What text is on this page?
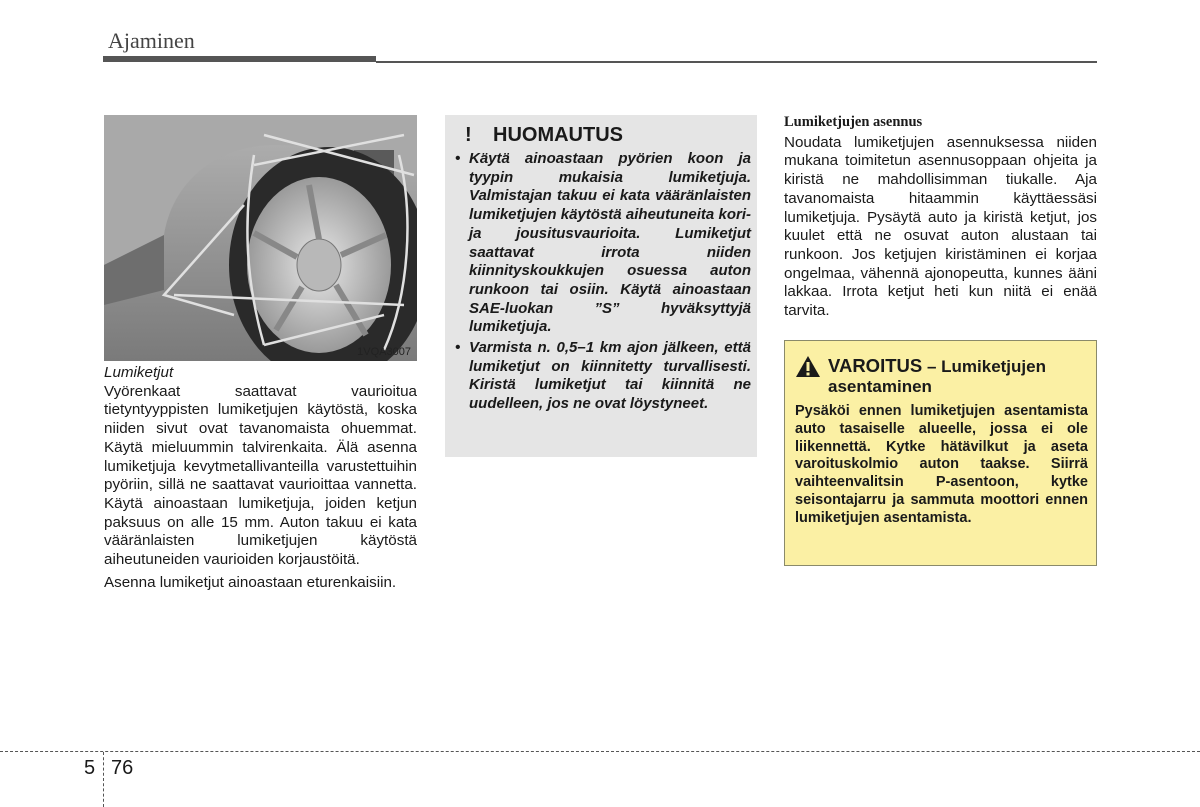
Ajaminen
1VQA3007

Lumiketjut

Vyörenkaat saattavat vaurioitua tietyntyyppisten lumiketjujen käytöstä, koska niiden sivut ovat tavanomaista ohuemmat. Käytä mieluummin talvirenkaita. Älä asenna lumiketjuja kevytmetallivanteilla varustettuihin pyöriin, sillä ne saattavat vaurioittaa vannetta. Käytä ainoastaan lumiketjuja, joiden ketjun paksuus on alle 15 mm. Auton takuu ei kata vääränlaisten lumiketjujen käytöstä aiheutuneiden vaurioiden korjaustöitä.

Asenna lumiketjut ainoastaan eturenkaisiin.

! HUOMAUTUS
• Käytä ainoastaan pyörien koon ja tyypin mukaisia lumiketjuja. Valmistajan takuu ei kata vääränlaisten lumiketjujen käytöstä aiheutuneita kori- ja jousitusvaurioita. Lumiketjut saattavat irrota niiden kiinnityskoukkujen osuessa auton runkoon tai osiin. Käytä ainoastaan SAE-luokan ”S” hyväksyttyjä lumiketjuja.
• Varmista n. 0,5–1 km ajon jälkeen, että lumiketjut on kiinnitetty turvallisesti. Kiristä lumiketjut tai kiinnitä ne uudelleen, jos ne ovat löystyneet.

Lumiketjujen asennus

Noudata lumiketjujen asennuksessa niiden mukana toimitetun asennusoppaan ohjeita ja kiristä ne mahdollisimman tiukalle. Aja tavanomaista hitaammin käyttäessäsi lumiketjuja. Pysäytä auto ja kiristä ketjut, jos kuulet että ne osuvat auton alustaan tai runkoon. Jos ketjujen kiristäminen ei korjaa ongelmaa, vähennä ajonopeutta, kunnes ääni lakkaa. Irrota ketjut heti kun niitä ei enää tarvita.

VAROITUS – Lumiketjujen asentaminen
Pysäköi ennen lumiketjujen asentamista auto tasaiselle alueelle, jossa ei ole liikennettä. Kytke hätävilkut ja aseta varoituskolmio auton taakse. Siirrä vaihteenvalitsin P-asentoon, kytke seisontajarru ja sammuta moottori ennen lumiketjujen asentamista.
5 76
